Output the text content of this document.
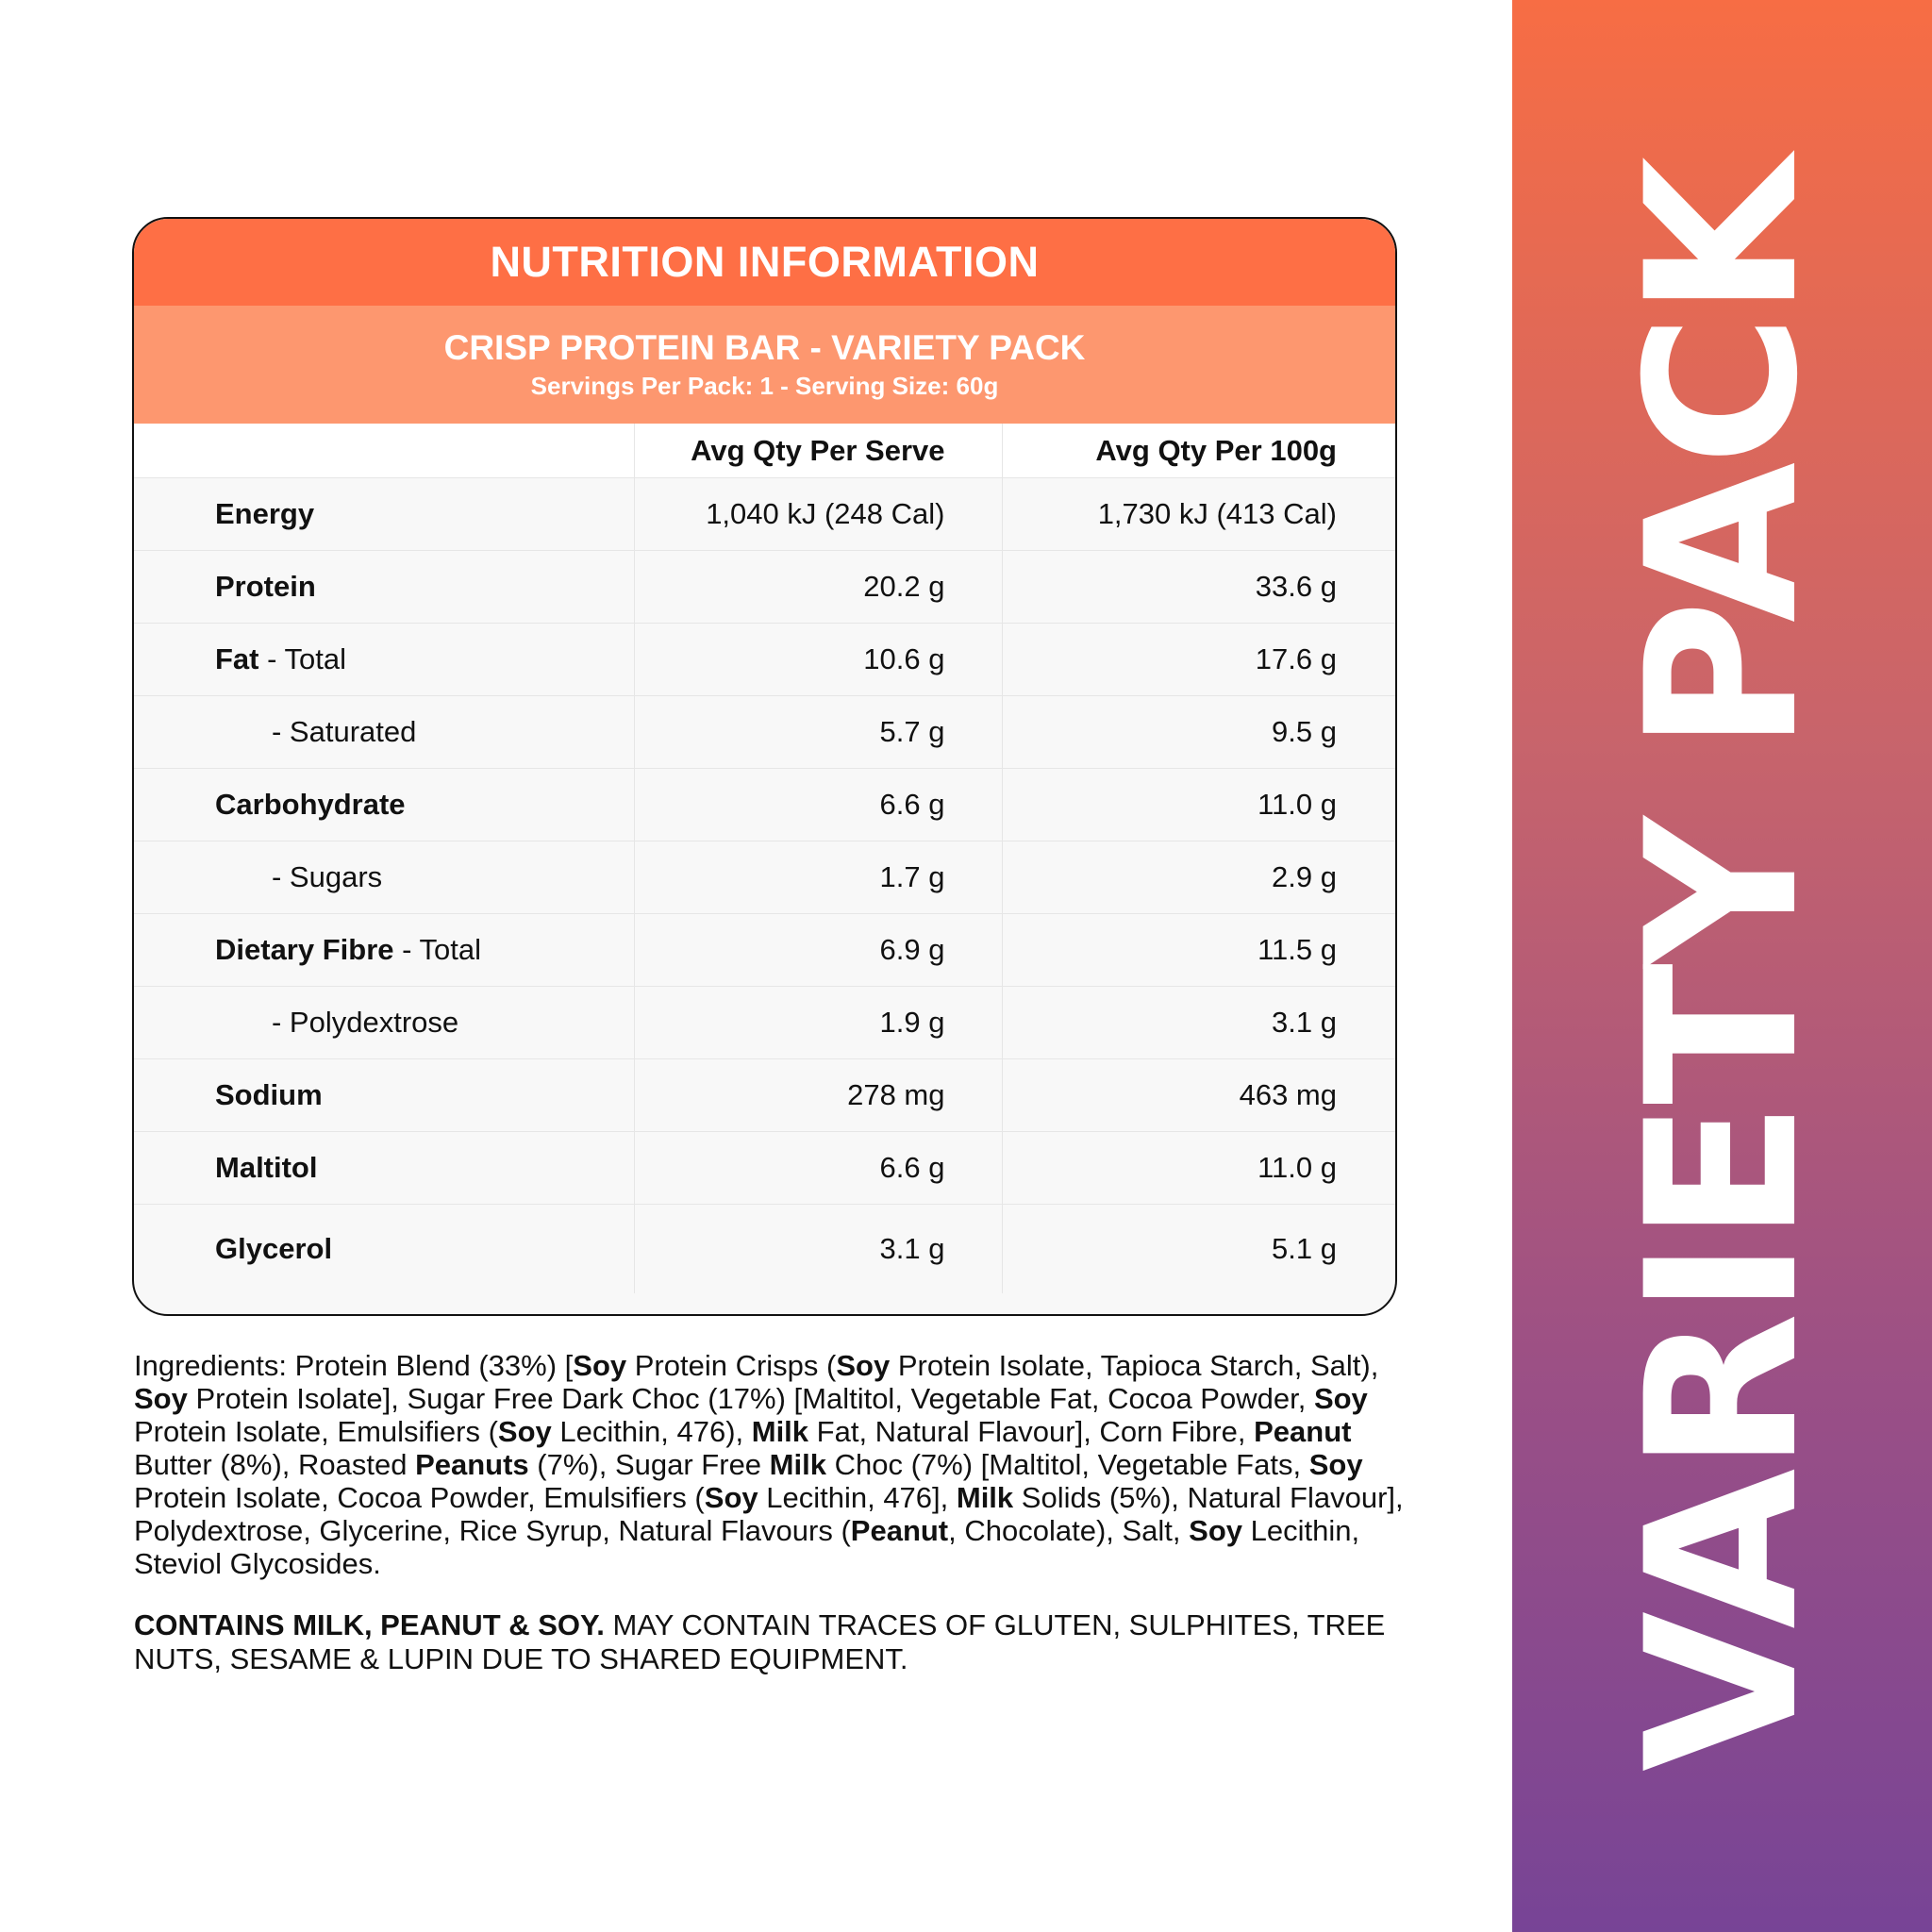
VARIETY PACK
NUTRITION INFORMATION
CRISP PROTEIN BAR - VARIETY PACK
Servings Per Pack: 1 - Serving Size: 60g
	Avg Qty Per Serve	Avg Qty Per 100g
Energy	1,040 kJ (248 Cal)	1,730 kJ (413 Cal)
Protein	20.2 g	33.6 g
Fat - Total	10.6 g	17.6 g
- Saturated	5.7 g	9.5 g
Carbohydrate	6.6 g	11.0 g
- Sugars	1.7 g	2.9 g
Dietary Fibre - Total	6.9 g	11.5 g
- Polydextrose	1.9 g	3.1 g
Sodium	278 mg	463 mg
Maltitol	6.6 g	11.0 g
Glycerol	3.1 g	5.1 g
Ingredients: Protein Blend (33%) [Soy Protein Crisps (Soy Protein Isolate, Tapioca Starch, Salt), Soy Protein Isolate], Sugar Free Dark Choc (17%) [Maltitol, Vegetable Fat, Cocoa Powder, Soy Protein Isolate, Emulsifiers (Soy Lecithin, 476), Milk Fat, Natural Flavour], Corn Fibre, Peanut Butter (8%), Roasted Peanuts (7%), Sugar Free Milk Choc (7%) [Maltitol, Vegetable Fats, Soy Protein Isolate, Cocoa Powder, Emulsifiers (Soy Lecithin, 476], Milk Solids (5%), Natural Flavour], Polydextrose, Glycerine, Rice Syrup, Natural Flavours (Peanut, Chocolate), Salt, Soy Lecithin, Steviol Glycosides.
CONTAINS MILK, PEANUT & SOY. MAY CONTAIN TRACES OF GLUTEN, SULPHITES, TREE NUTS, SESAME & LUPIN DUE TO SHARED EQUIPMENT.
